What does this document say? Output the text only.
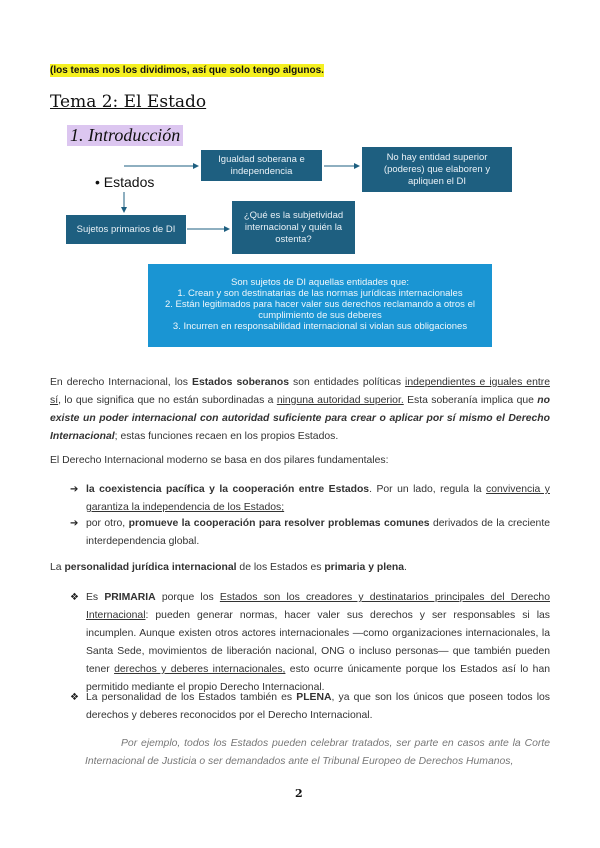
(los temas nos los dividimos, así que solo tengo algunos.
Tema 2: El Estado
1. Introducción
• Estados
Igualdad soberana e independencia
No hay entidad superior (poderes) que elaboren y apliquen el DI
Sujetos primarios de DI
¿Qué es la subjetividad internacional y quién la ostenta?
Son sujetos de DI aquellas entidades que:
1. Crean y son destinatarias de las normas jurídicas internacionales
2. Están legitimados para hacer valer sus derechos reclamando a otros el cumplimiento de sus deberes
3. Incurren en responsabilidad internacional si violan sus obligaciones
En derecho Internacional, los Estados soberanos son entidades políticas independientes e iguales entre sí, lo que significa que no están subordinadas a ninguna autoridad superior. Esta soberanía implica que no existe un poder internacional con autoridad suficiente para crear o aplicar por sí mismo el Derecho Internacional; estas funciones recaen en los propios Estados.
El Derecho Internacional moderno se basa en dos pilares fundamentales:
➔ la coexistencia pacífica y la cooperación entre Estados. Por un lado, regula la convivencia y garantiza la independencia de los Estados;
➔ por otro, promueve la cooperación para resolver problemas comunes derivados de la creciente interdependencia global.
La personalidad jurídica internacional de los Estados es primaria y plena.
❖ Es PRIMARIA porque los Estados son los creadores y destinatarios principales del Derecho Internacional: pueden generar normas, hacer valer sus derechos y ser responsables si las incumplen. Aunque existen otros actores internacionales —como organizaciones internacionales, la Santa Sede, movimientos de liberación nacional, ONG o incluso personas— que también pueden tener derechos y deberes internacionales, esto ocurre únicamente porque los Estados así lo han permitido mediante el propio Derecho Internacional.
❖ La personalidad de los Estados también es PLENA, ya que son los únicos que poseen todos los derechos y deberes reconocidos por el Derecho Internacional.
Por ejemplo, todos los Estados pueden celebrar tratados, ser parte en casos ante la Corte Internacional de Justicia o ser demandados ante el Tribunal Europeo de Derechos Humanos,
2
